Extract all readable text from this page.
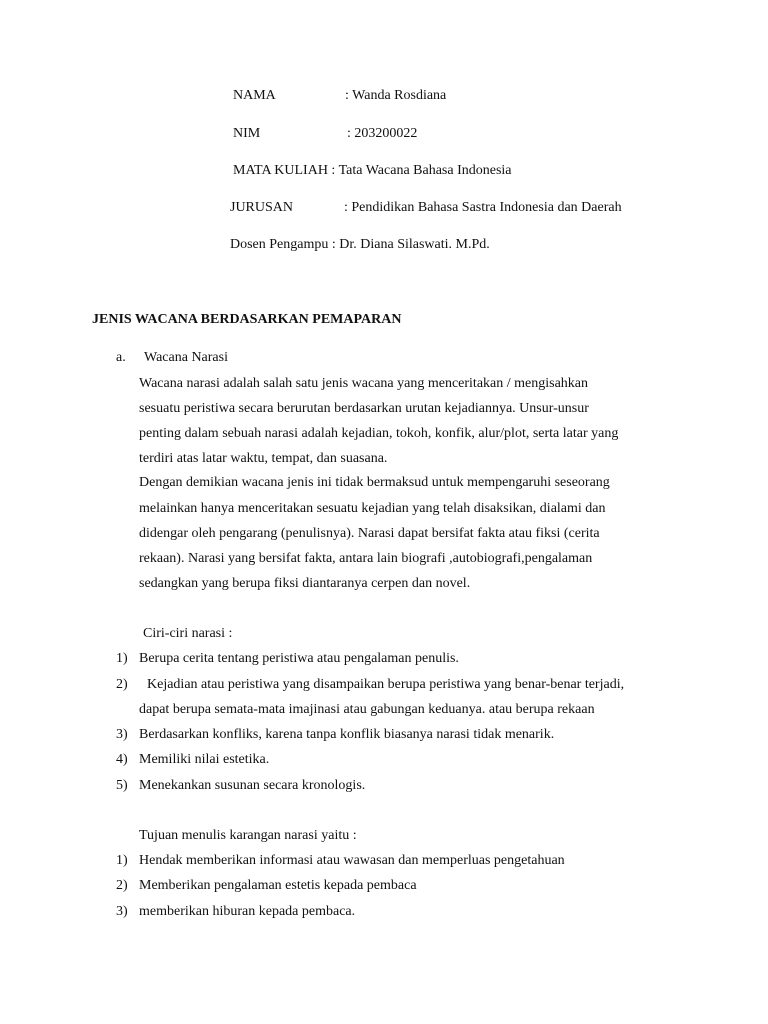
NAMA	: Wanda Rosdiana
NIM	: 203200022
MATA KULIAH : Tata Wacana Bahasa Indonesia
JURUSAN	: Pendidikan Bahasa Sastra Indonesia dan Daerah
Dosen Pengampu : Dr. Diana Silaswati. M.Pd.
JENIS WACANA BERDASARKAN PEMAPARAN
a. Wacana Narasi
Wacana narasi adalah salah satu jenis wacana yang menceritakan / mengisahkan
sesuatu peristiwa secara berurutan berdasarkan urutan kejadiannya. Unsur-unsur
penting dalam sebuah narasi adalah kejadian, tokoh, konfik, alur/plot, serta latar yang
terdiri atas latar waktu, tempat, dan suasana.
Dengan demikian wacana jenis ini tidak bermaksud untuk mempengaruhi seseorang
melainkan hanya menceritakan sesuatu kejadian yang telah disaksikan, dialami dan
didengar oleh pengarang (penulisnya). Narasi dapat bersifat fakta atau fiksi (cerita
rekaan). Narasi yang bersifat fakta, antara lain biografi ,autobiografi,pengalaman
sedangkan yang berupa fiksi diantaranya cerpen dan novel.
Ciri-ciri narasi :
1) Berupa cerita tentang peristiwa atau pengalaman penulis.
2) Kejadian atau peristiwa yang disampaikan berupa peristiwa yang benar-benar terjadi,
dapat berupa semata-mata imajinasi atau gabungan keduanya. atau berupa rekaan
3) Berdasarkan konfliks, karena tanpa konflik biasanya narasi tidak menarik.
4) Memiliki nilai estetika.
5) Menekankan susunan secara kronologis.
Tujuan menulis karangan narasi yaitu :
1) Hendak memberikan informasi atau wawasan dan memperluas pengetahuan
2) Memberikan pengalaman estetis kepada pembaca
3) memberikan hiburan kepada pembaca.
